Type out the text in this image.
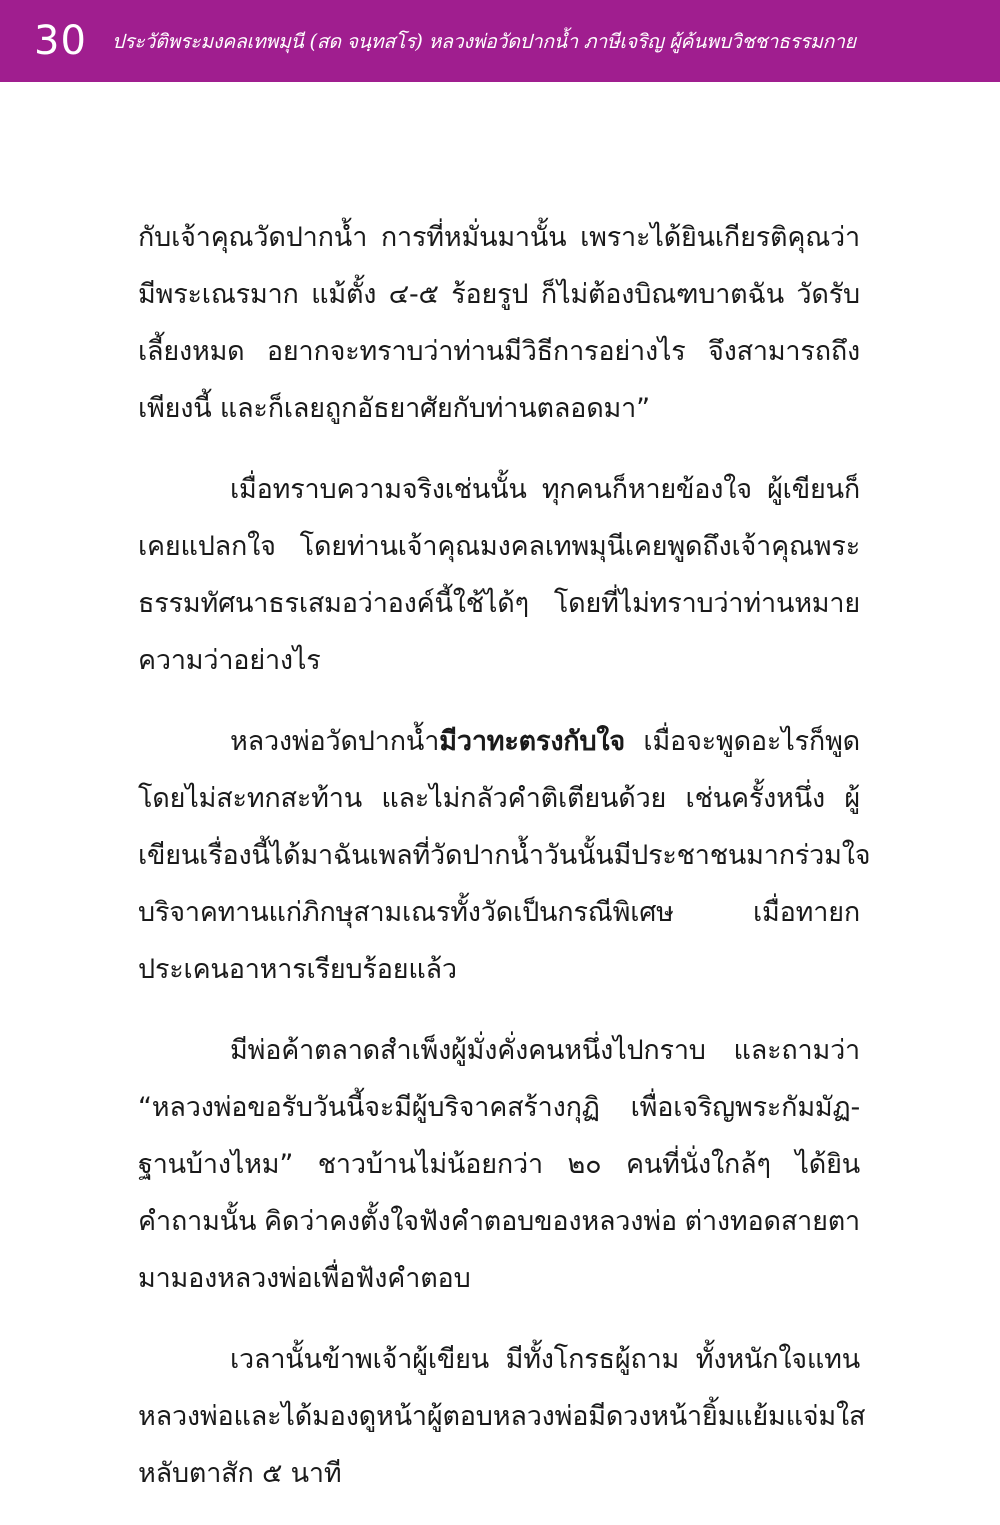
30	ประวัติพระมงคลเทพมุนี (สด จนฺทสโร) หลวงพ่อวัดปากน้ำ ภาษีเจริญ ผู้ค้นพบวิชชาธรรมกาย
กับเจ้าคุณวัดปากน้ำ การที่หมั่นมานั้น เพราะได้ยินเกียรติคุณว่า
มีพระเณรมาก แม้ตั้ง ๔-๕ ร้อยรูป ก็ไม่ต้องบิณฑบาตฉัน วัดรับ
เลี้ยงหมด อยากจะทราบว่าท่านมีวิธีการอย่างไร จึงสามารถถึง
เพียงนี้ และก็เลยถูกอัธยาศัยกับท่านตลอดมา”
เมื่อทราบความจริงเช่นนั้น ทุกคนก็หายข้องใจ ผู้เขียนก็
เคยแปลกใจ โดยท่านเจ้าคุณมงคลเทพมุนีเคยพูดถึงเจ้าคุณพระ
ธรรมทัศนาธรเสมอว่าองค์นี้ใช้ได้ๆ โดยที่ไม่ทราบว่าท่านหมาย
ความว่าอย่างไร
หลวงพ่อวัดปากน้ำมีวาทะตรงกับใจ เมื่อจะพูดอะไรก็พูด
โดยไม่สะทกสะท้าน และไม่กลัวคำติเตียนด้วย เช่นครั้งหนึ่ง ผู้
เขียนเรื่องนี้ได้มาฉันเพลที่วัดปากน้ำ วันนั้นมีประชาชนมากร่วม ใจ
บริจาคทานแก่ภิกษุสามเณรทั้งวัดเป็นกรณีพิเศษ	เมื่อทายก
ประเคนอาหารเรียบร้อยแล้ว
มีพ่อค้าตลาดสำเพ็งผู้มั่งคั่งคนหนึ่งไปกราบ และถามว่า
“หลวงพ่อขอรับวันนี้จะมีผู้บริจาคสร้างกุฏิ เพื่อเจริญพระกัมมัฏ-
ฐานบ้างไหม” ชาวบ้านไม่น้อยกว่า ๒๐ คนที่นั่งใกล้ๆ ได้ยิน
คำถามนั้น คิดว่าคงตั้งใจฟังคำตอบของหลวงพ่อ ต่างทอดสายตา
มามองหลวงพ่อเพื่อฟังคำตอบ
เวลานั้นข้าพเจ้าผู้เขียน มีทั้งโกรธผู้ถาม ทั้งหนักใจแทน
หลวงพ่อ และได้มองดูหน้าผู้ตอบ หลวงพ่อมีดวงหน้ายิ้มแย้มแจ่มใส
หลับตาสัก ๕ นาที
